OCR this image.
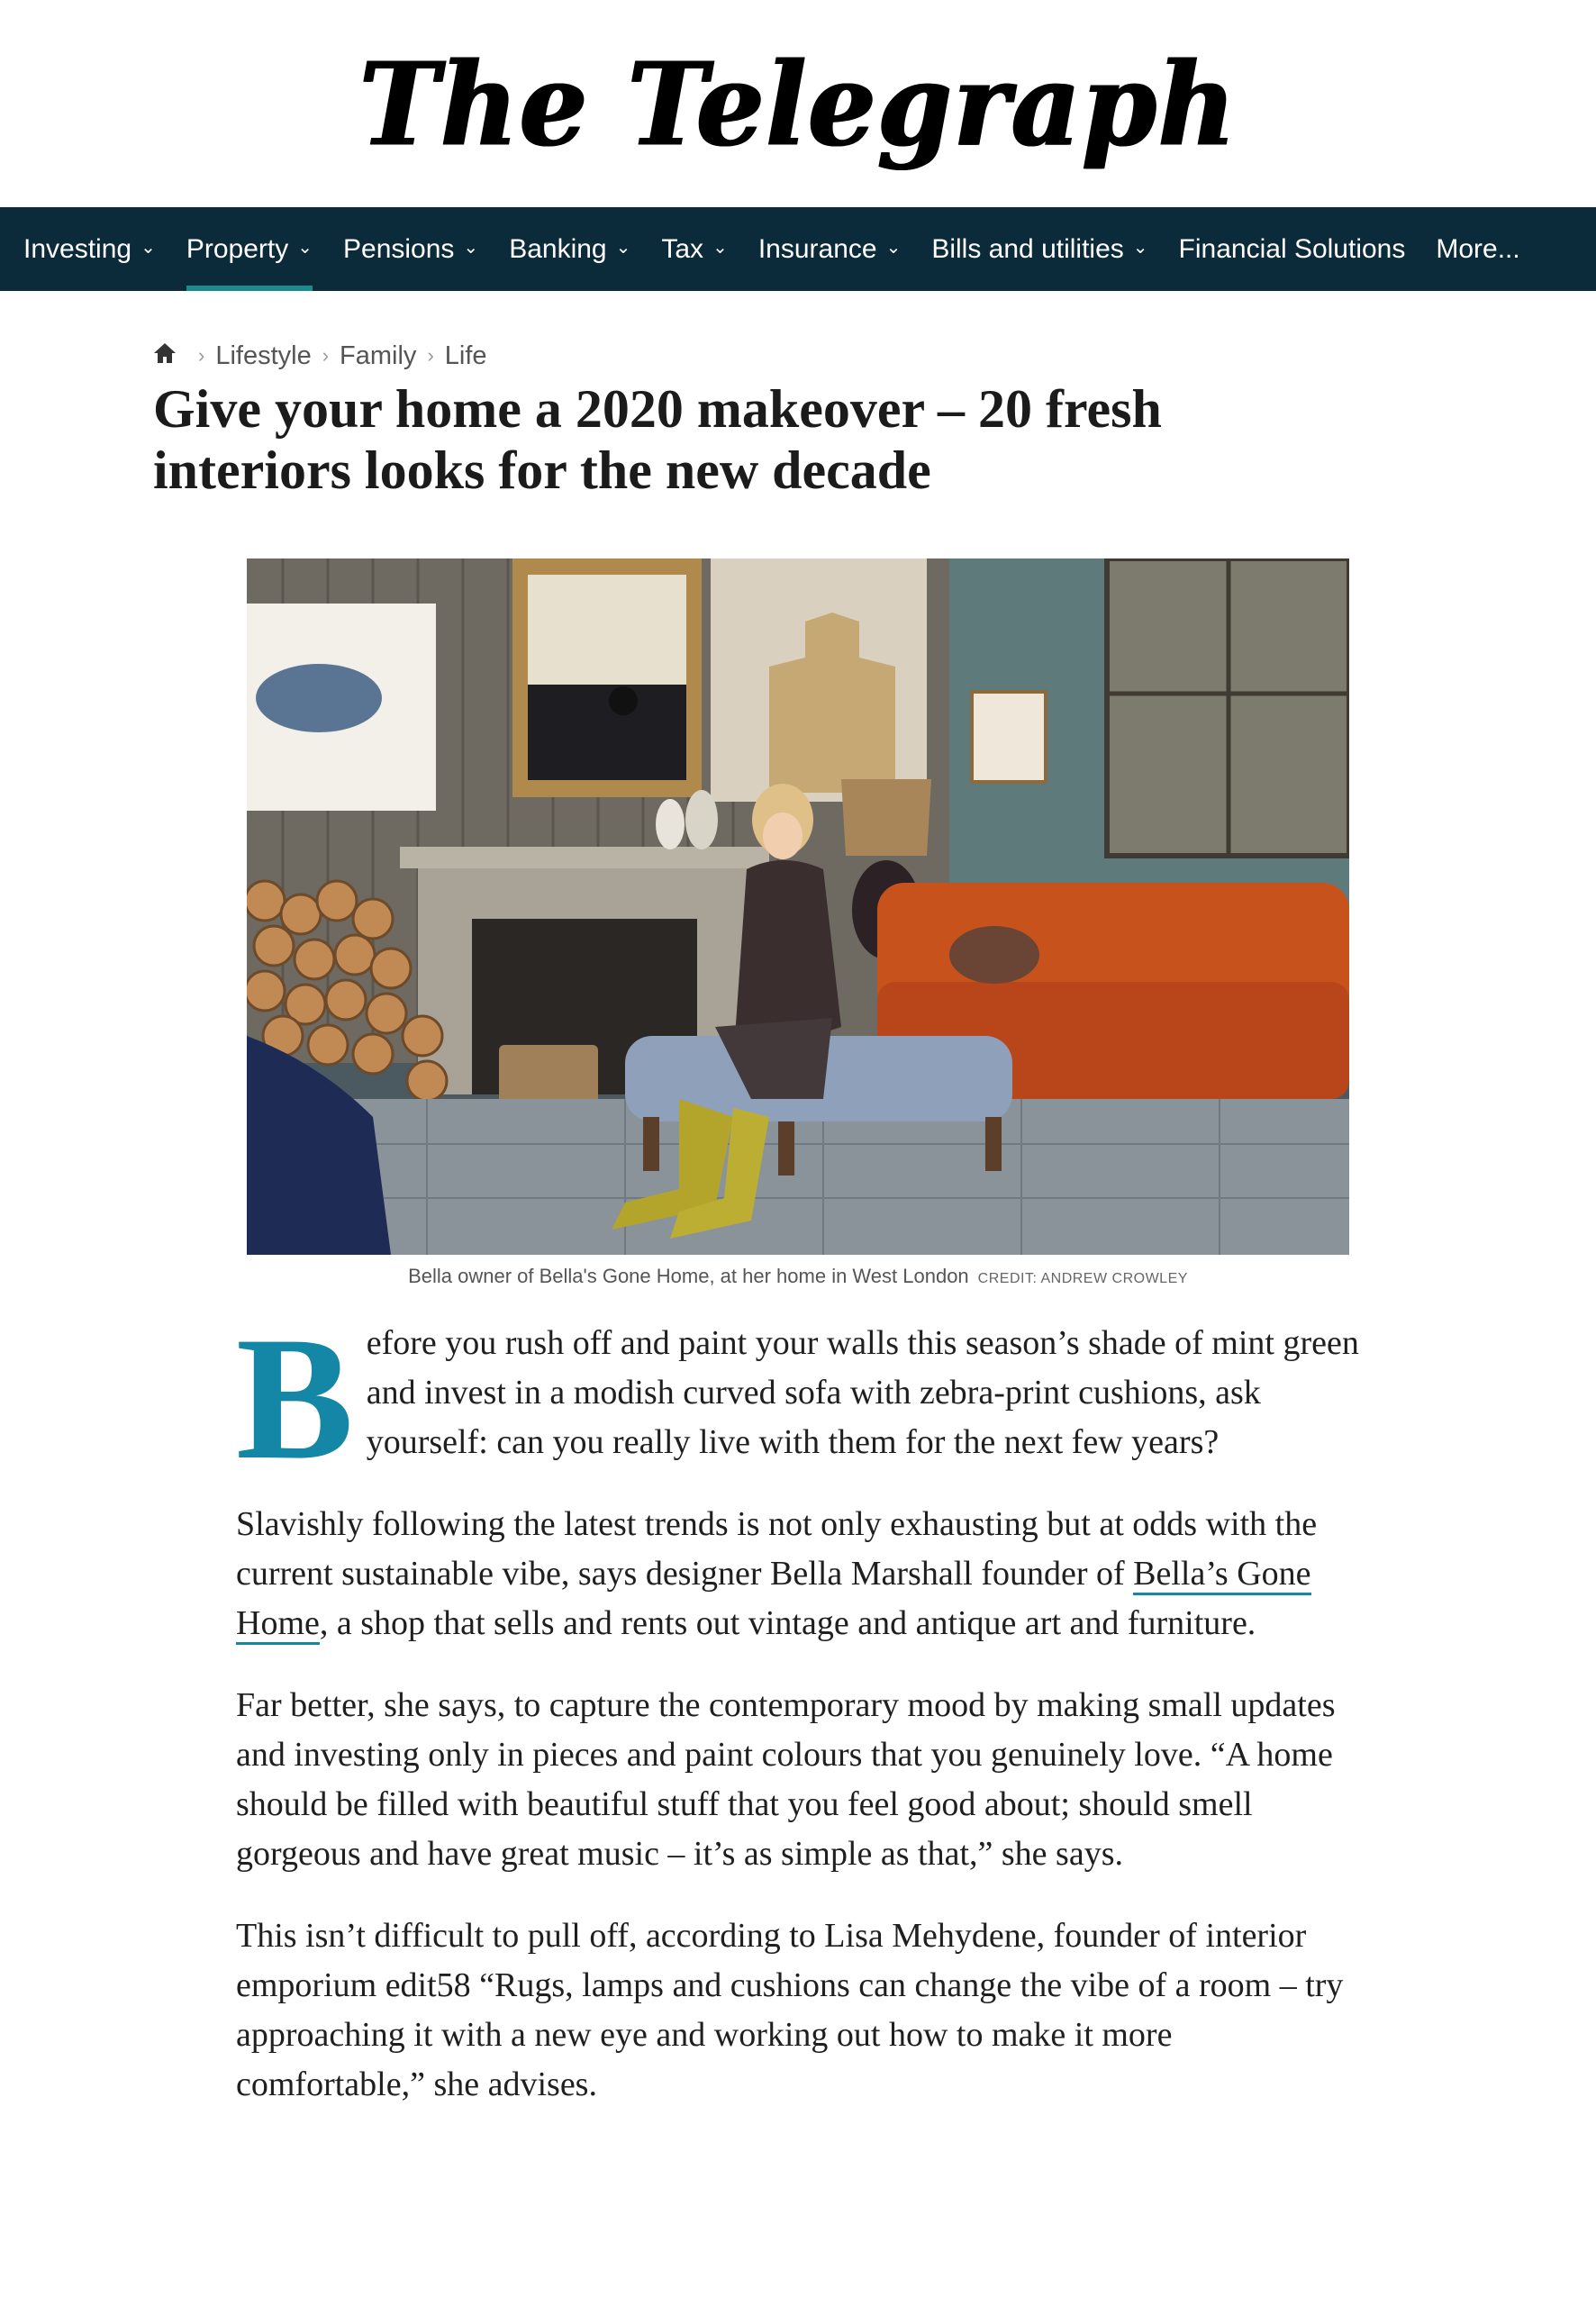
The Telegraph
Investing ⌄ Property ⌄ Pensions ⌄ Banking ⌄ Tax ⌄ Insurance ⌄ Bills and utilities ⌄ Financial Solutions More...
› Lifestyle › Family › Life
Give your home a 2020 makeover – 20 fresh interiors looks for the new decade
Bella owner of Bella's Gone Home, at her home in West London CREDIT: ANDREW CROWLEY

Before you rush off and paint your walls this season’s shade of mint green and invest in a modish curved sofa with zebra-print cushions, ask yourself: can you really live with them for the next few years?

Slavishly following the latest trends is not only exhausting but at odds with the current sustainable vibe, says designer Bella Marshall founder of Bella’s Gone Home, a shop that sells and rents out vintage and antique art and furniture.

Far better, she says, to capture the contemporary mood by making small updates and investing only in pieces and paint colours that you genuinely love. “A home should be filled with beautiful stuff that you feel good about; should smell gorgeous and have great music – it’s as simple as that,” she says.

This isn’t difficult to pull off, according to Lisa Mehydene, founder of interior emporium edit58 “Rugs, lamps and cushions can change the vibe of a room – try approaching it with a new eye and working out how to make it more comfortable,” she advises.
